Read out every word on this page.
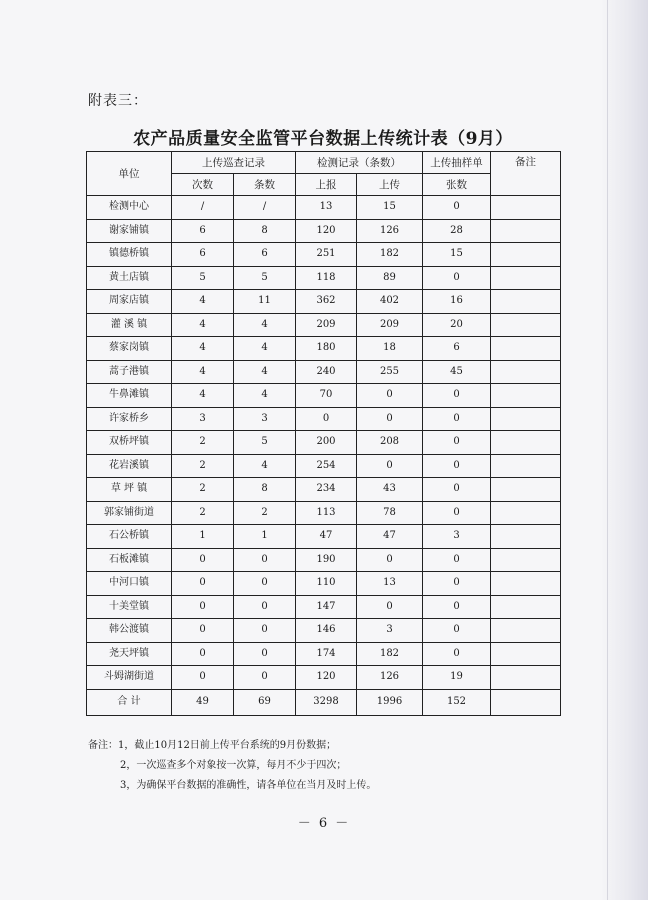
附表三：
农产品质量安全监管平台数据上传统计表（9月）
单位	上传巡查记录		检测记录（条数）		上传抽样单	备注
	次数	条数	上报	上传	张数	
检测中心	/	/	13	15	0	
谢家铺镇	6	8	120	126	28	
镇德桥镇	6	6	251	182	15	
黄土店镇	5	5	118	89	0	
周家店镇	4	11	362	402	16	
灌 溪 镇	4	4	209	209	20	
蔡家岗镇	4	4	180	18	6	
蒿子港镇	4	4	240	255	45	
牛鼻滩镇	4	4	70	0	0	
许家桥乡	3	3	0	0	0	
双桥坪镇	2	5	200	208	0	
花岩溪镇	2	4	254	0	0	
草 坪 镇	2	8	234	43	0	
郭家铺街道	2	2	113	78	0	
石公桥镇	1	1	47	47	3	
石板滩镇	0	0	190	0	0	
中河口镇	0	0	110	13	0	
十美堂镇	0	0	147	0	0	
韩公渡镇	0	0	146	3	0	
尧天坪镇	0	0	174	182	0	
斗姆湖街道	0	0	120	126	19	
合 计	49	69	3298	1996	152	
备注：1，截止10月12日前上传平台系统的9月份数据；
2，一次巡查多个对象按一次算，每月不少于四次；
3，为确保平台数据的准确性，请各单位在当月及时上传。
－ 6 －
